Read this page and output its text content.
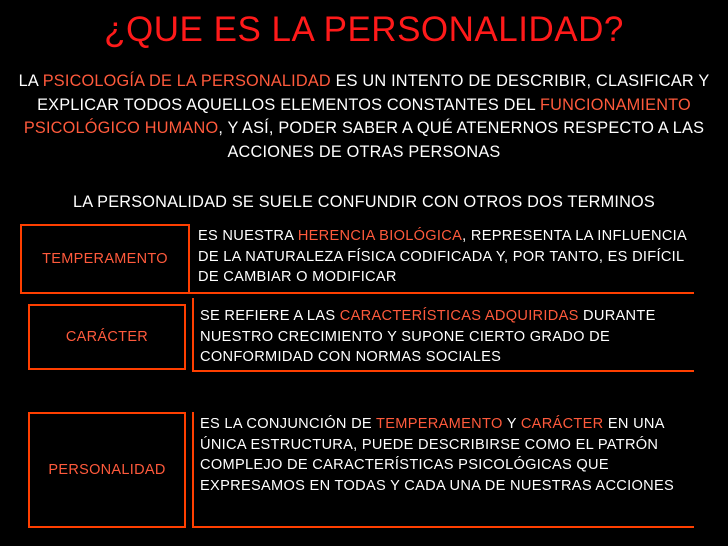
¿QUE ES LA PERSONALIDAD?
LA PSICOLOGÍA DE LA PERSONALIDAD ES UN INTENTO DE DESCRIBIR, CLASIFICAR Y EXPLICAR TODOS AQUELLOS ELEMENTOS CONSTANTES DEL FUNCIONAMIENTO PSICOLÓGICO HUMANO, Y ASÍ, PODER SABER A QUÉ ATENERNOS RESPECTO A LAS ACCIONES DE OTRAS PERSONAS
LA PERSONALIDAD SE SUELE CONFUNDIR CON OTROS DOS TERMINOS
TEMPERAMENTO
ES NUESTRA HERENCIA BIOLÓGICA, REPRESENTA LA INFLUENCIA DE LA NATURALEZA FÍSICA CODIFICADA Y, POR TANTO, ES DIFÍCIL DE CAMBIAR O MODIFICAR
CARÁCTER
SE REFIERE A LAS CARACTERÍSTICAS ADQUIRIDAS DURANTE NUESTRO CRECIMIENTO Y SUPONE CIERTO GRADO DE CONFORMIDAD CON NORMAS SOCIALES
PERSONALIDAD
ES LA CONJUNCIÓN DE TEMPERAMENTO Y CARÁCTER EN UNA ÚNICA ESTRUCTURA, PUEDE DESCRIBIRSE COMO EL PATRÓN COMPLEJO DE CARACTERÍSTICAS PSICOLÓGICAS QUE EXPRESAMOS EN TODAS Y CADA UNA DE NUESTRAS ACCIONES
